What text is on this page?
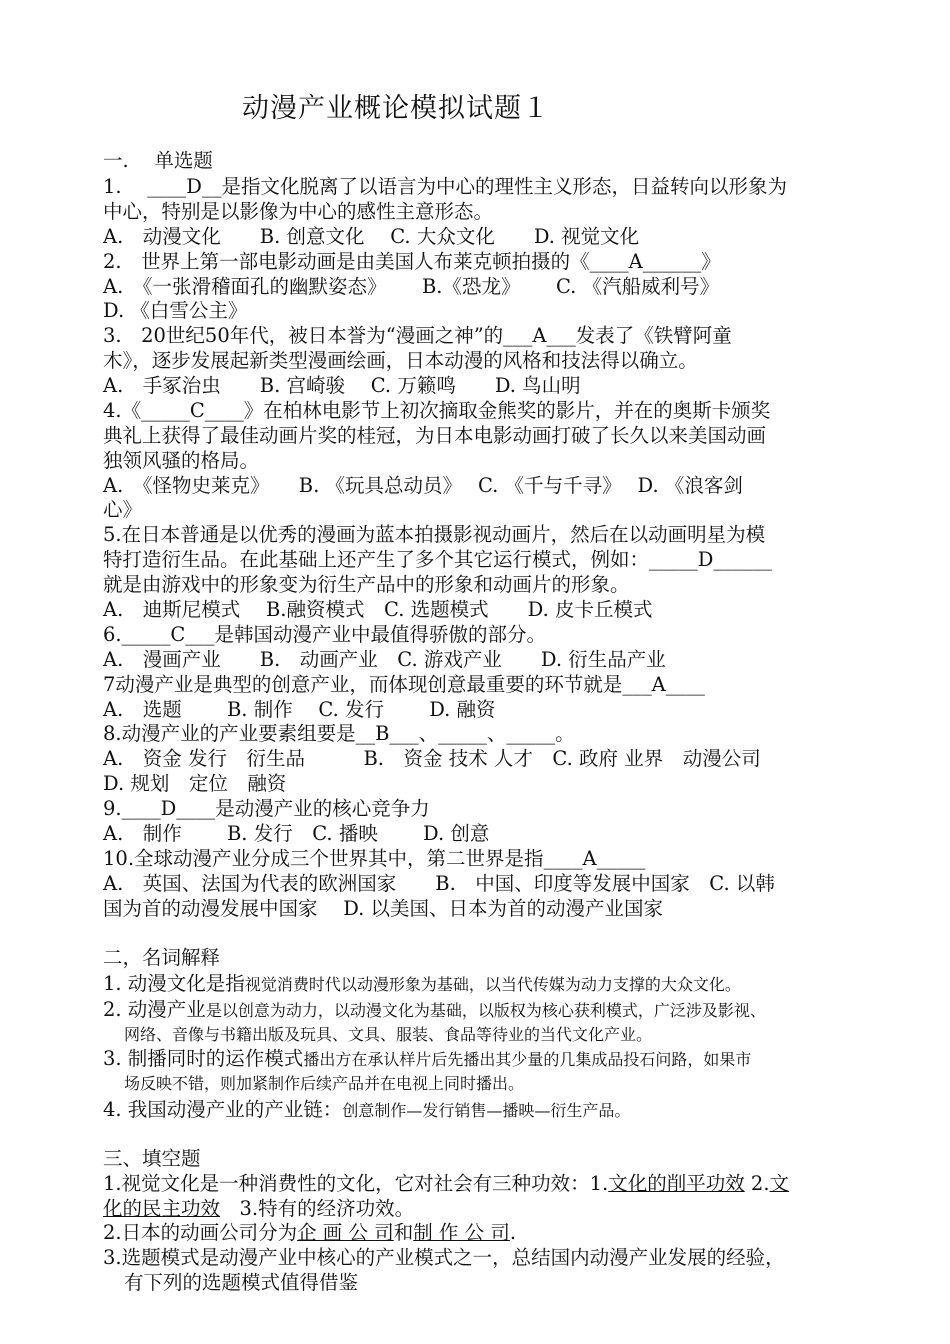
动漫产业概论模拟试题１
一.　 单选题
1.　 ____D__是指文化脱离了以语言为中心的理性主义形态，日益转向以形象为
中心，特别是以影像为中心的感性主意形态。
A.　动漫文化　　B. 创意文化　 C. 大众文化　　D. 视觉文化
2.　世界上第一部电影动画是由美国人布莱克顿拍摄的《____A______》
A.　《一张滑稽面孔的幽默姿态》　　 B.《恐龙》　　 C. 《汽船威利号》
D. 《白雪公主》
3.　20世纪50年代，被日本誉为“漫画之神”的___A___发表了《铁臂阿童
木》，逐步发展起新类型漫画绘画，日本动漫的风格和技法得以确立。
A.　手冢治虫　　B. 宫崎骏　 C. 万籁鸣　　D. 鸟山明
4.《_____C____》在柏林电影节上初次摘取金熊奖的影片，并在的奥斯卡颁奖
典礼上获得了最佳动画片奖的桂冠，为日本电影动画打破了长久以来美国动画
独领风骚的格局。
A.　《怪物史莱克》　　B. 《玩具总动员》　 C. 《千与千寻》　 D. 《浪客剑
心》
5.在日本普通是以优秀的漫画为蓝本拍摄影视动画片，然后在以动画明星为模
特打造衍生品。在此基础上还产生了多个其它运行模式，例如：_____D______
就是由游戏中的形象变为衍生产品中的形象和动画片的形象。
A.　迪斯尼模式　 B.融资模式　C. 选题模式　　D. 皮卡丘模式
6._____C___是韩国动漫产业中最值得骄傲的部分。
A.　漫画产业　　B.　动画产业　C. 游戏产业　　D. 衍生品产业
7动漫产业是典型的创意产业，而体现创意最重要的环节就是___A____
A.　选题　　 B. 制作　 C. 发行　　 D. 融资
8.动漫产业的产业要素组要是__B___、_____、_____。
A.　资金 发行　衍生品　　　B.　资金 技术 人才　C. 政府 业界　动漫公司
D. 规划　定位　融资
9.____D____是动漫产业的核心竞争力
A.　制作　　 B. 发行　C. 播映　　 D. 创意
10.全球动漫产业分成三个世界其中，第二世界是指____A_____
A.　英国、法国为代表的欧洲国家　　B.　中国、印度等发展中国家　C. 以韩
国为首的动漫发展中国家　 D. 以美国、日本为首的动漫产业国家
二，名词解释
1. 动漫文化是指视觉消费时代以动漫形象为基础，以当代传媒为动力支撑的大众文化。
2. 动漫产业是以创意为动力，以动漫文化为基础，以版权为核心获利模式，广泛涉及影视、
网络、音像与书籍出版及玩具、文具、服装、食品等待业的当代文化产业。
3. 制播同时的运作模式播出方在承认样片后先播出其少量的几集成品投石问路，如果市
场反映不错，则加紧制作后续产品并在电视上同时播出。
4. 我国动漫产业的产业链：创意制作—发行销售—播映—衍生产品。
三、填空题
1.视觉文化是一种消费性的文化，它对社会有三种功效：1.文化的削平功效 2.文
化的民主功效　3.特有的经济功效。
2.日本的动画公司分为企 画 公 司和制 作 公 司.
3.选题模式是动漫产业中核心的产业模式之一，总结国内动漫产业发展的经验，
有下列的选题模式值得借鉴
